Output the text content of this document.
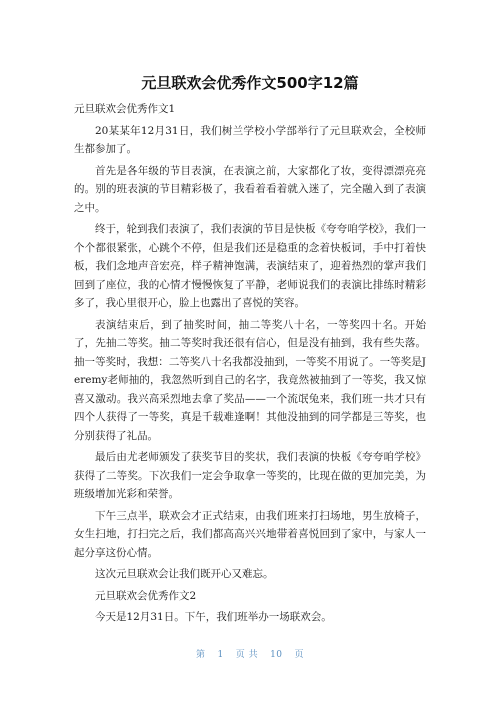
元旦联欢会优秀作文500字12篇

元旦联欢会优秀作文1

20某某年12月31日，我们树兰学校小学部举行了元旦联欢会，全校师生都参加了。

首先是各年级的节目表演，在表演之前，大家都化了妆，变得漂漂亮亮的。别的班表演的节目精彩极了，我看着看着就入迷了，完全融入到了表演之中。

终于，轮到我们表演了，我们表演的节目是快板《夸夸咱学校》，我们一个个都很紧张，心跳个不停，但是我们还是稳重的念着快板词，手中打着快板，我们念地声音宏亮，样子精神饱满，表演结束了，迎着热烈的掌声我们回到了座位，我的心情才慢慢恢复了平静，老师说我们的表演比排练时精彩多了，我心里很开心，脸上也露出了喜悦的笑容。

表演结束后，到了抽奖时间，抽二等奖八十名，一等奖四十名。开始了，先抽二等奖。抽二等奖时我还很有信心，但是没有抽到，我有些失落。抽一等奖时，我想：二等奖八十名我都没抽到，一等奖不用说了。一等奖是Jeremy老师抽的，我忽然听到自己的名字，我竟然被抽到了一等奖，我又惊喜又激动。我兴高采烈地去拿了奖品——一个流氓兔来，我们班一共才只有四个人获得了一等奖，真是千载难逢啊！其他没抽到的同学都是三等奖，也分别获得了礼品。

最后由尤老师颁发了获奖节目的奖状，我们表演的快板《夸夸咱学校》获得了二等奖。下次我们一定会争取拿一等奖的，比现在做的更加完美，为班级增加光彩和荣誉。

下午三点半，联欢会才正式结束，由我们班来打扫场地，男生放椅子，女生扫地，打扫完之后，我们都高高兴兴地带着喜悦回到了家中，与家人一起分享这份心情。

这次元旦联欢会让我们既开心又难忘。

元旦联欢会优秀作文2

今天是12月31日。下午，我们班举办一场联欢会。

第 1 页 共 10 页
